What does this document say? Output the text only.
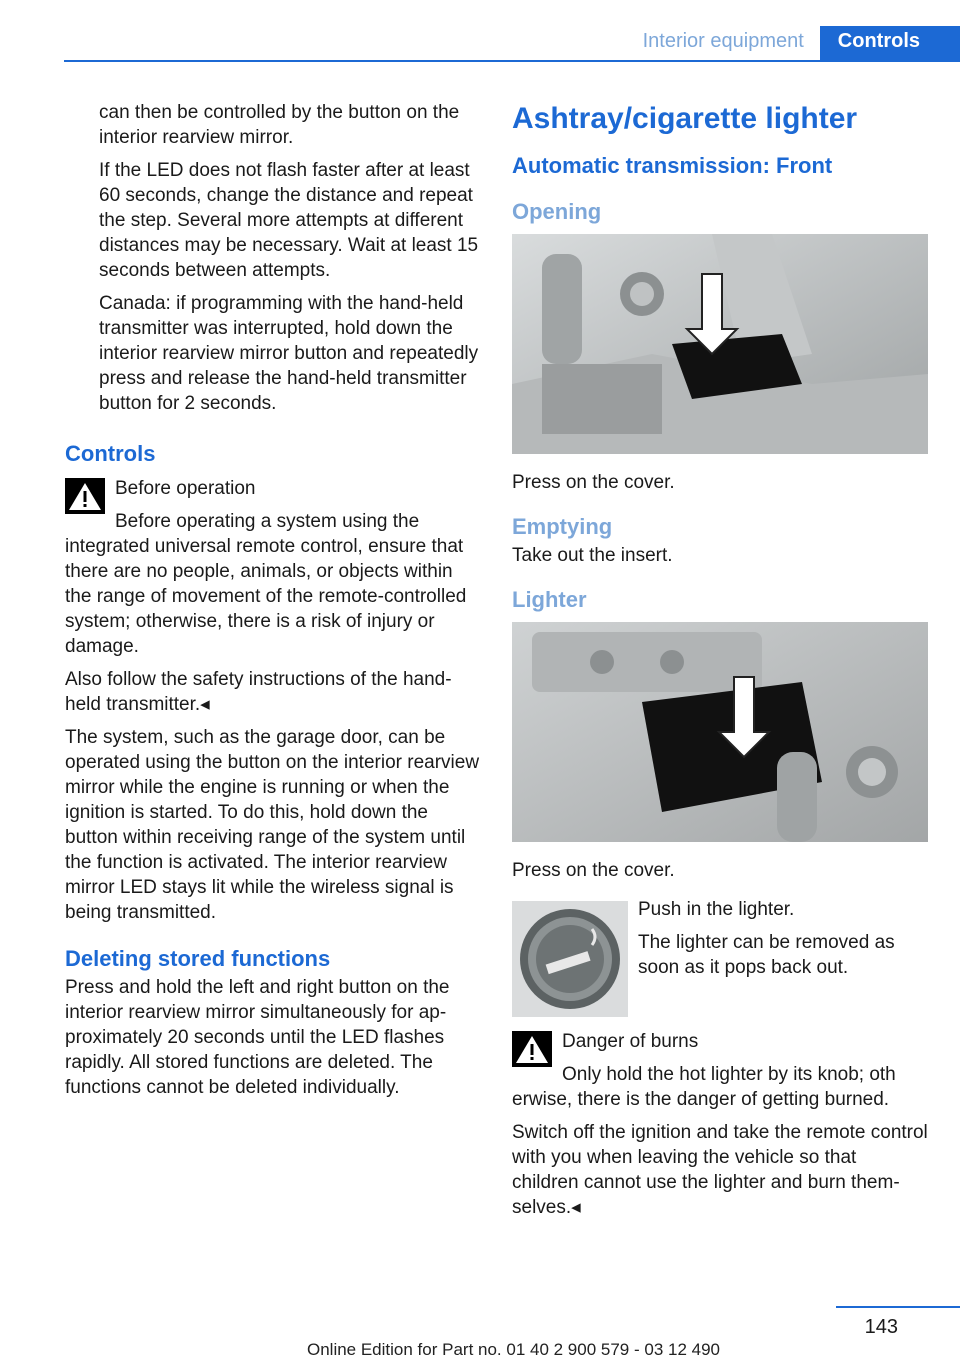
Interior equipment	Controls

can then be controlled by the button on the interior rearview mirror.

If the LED does not flash faster after at least 60 seconds, change the distance and repeat the step. Several more attempts at different distances may be necessary. Wait at least 15 seconds between attempts.

Canada: if programming with the hand-held transmitter was interrupted, hold down the interior rearview mirror button and repeatedly press and release the hand-held transmitter button for 2 seconds.

Controls

Before operation

Before operating a system using the

integrated universal remote control, ensure that there are no people, animals, or objects within the range of movement of the remote-controlled system; otherwise, there is a risk of injury or damage.

Also follow the safety instructions of the hand-held transmitter.◂

The system, such as the garage door, can be operated using the button on the interior rearview mirror while the engine is running or when the ignition is started. To do this, hold down the button within receiving range of the system until the function is activated. The interior rearview mirror LED stays lit while the wireless signal is being transmitted.

Deleting stored functions

Press and hold the left and right button on the interior rearview mirror simultaneously for approximately 20 seconds until the LED flashes rapidly. All stored functions are deleted. The functions cannot be deleted individually.

Ashtray/cigarette lighter
Automatic transmission: Front
Opening

Press on the cover.

Emptying

Take out the insert.

Lighter

Press on the cover.

Push in the lighter.

The lighter can be removed as soon as it pops back out.

Danger of burns

Only hold the hot lighter by its knob; oth

erwise, there is the danger of getting burned.

Switch off the ignition and take the remote control with you when leaving the vehicle so that children cannot use the lighter and burn themselves.◂

143
Online Edition for Part no. 01 40 2 900 579 - 03 12 490
